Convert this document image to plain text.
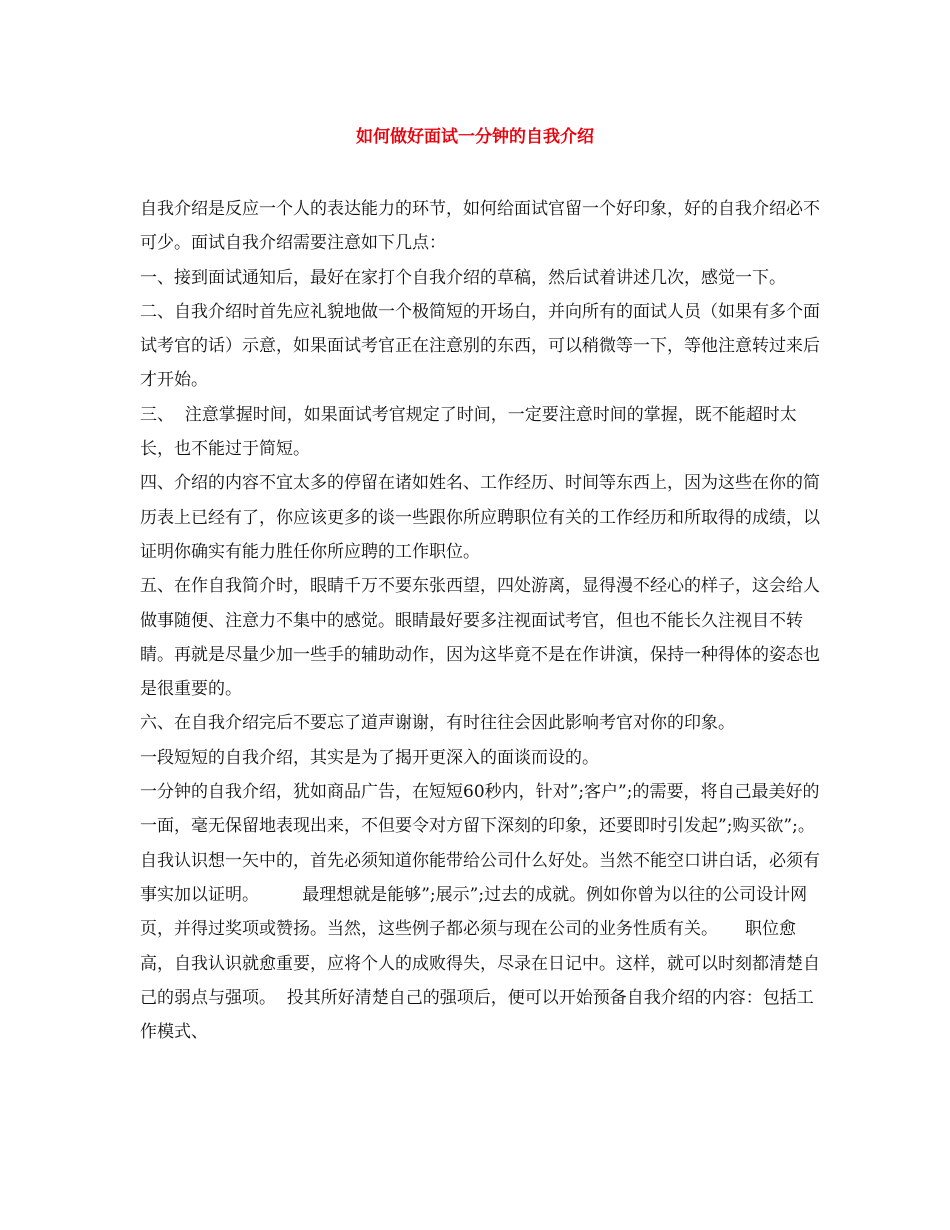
如何做好面试一分钟的自我介绍

自我介绍是反应一个人的表达能力的环节，如何给面试官留一个好印象，好的自我介绍必不可少。面试自我介绍需要注意如下几点：

一、接到面试通知后，最好在家打个自我介绍的草稿，然后试着讲述几次，感觉一下。

二、自我介绍时首先应礼貌地做一个极简短的开场白，并向所有的面试人员（如果有多个面试考官的话）示意，如果面试考官正在注意别的东西，可以稍微等一下，等他注意转过来后才开始。

三、  注意掌握时间，如果面试考官规定了时间，一定要注意时间的掌握，既不能超时太长，也不能过于简短。

四、介绍的内容不宜太多的停留在诸如姓名、工作经历、时间等东西上，因为这些在你的简历表上已经有了，你应该更多的谈一些跟你所应聘职位有关的工作经历和所取得的成绩，以证明你确实有能力胜任你所应聘的工作职位。

五、在作自我简介时，眼睛千万不要东张西望，四处游离，显得漫不经心的样子，这会给人做事随便、注意力不集中的感觉。眼睛最好要多注视面试考官，但也不能长久注视目不转睛。再就是尽量少加一些手的辅助动作，因为这毕竟不是在作讲演，保持一种得体的姿态也是很重要的。

六、在自我介绍完后不要忘了道声谢谢，有时往往会因此影响考官对你的印象。

一段短短的自我介绍，其实是为了揭开更深入的面谈而设的。

一分钟的自我介绍，犹如商品广告，在短短60秒内，针对”;客户”;的需要，将自己最美好的一面，毫无保留地表现出来，不但要令对方留下深刻的印象，还要即时引发起”;购买欲”;。  自我认识想一矢中的，首先必须知道你能带给公司什么好处。当然不能空口讲白话，必须有事实加以证明。        最理想就是能够”;展示”;过去的成就。例如你曾为以往的公司设计网页，并得过奖项或赞扬。当然，这些例子都必须与现在公司的业务性质有关。     职位愈高，自我认识就愈重要，应将个人的成败得失，尽录在日记中。这样，就可以时刻都清楚自己的弱点与强项。  投其所好清楚自己的强项后，便可以开始预备自我介绍的内容：包括工作模式、
